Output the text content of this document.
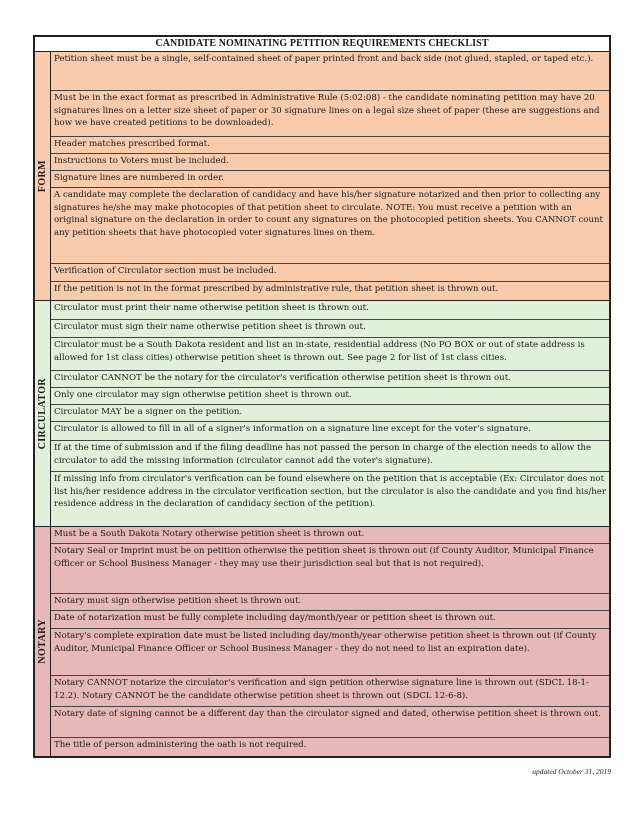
CANDIDATE NOMINATING PETITION REQUIREMENTS CHECKLIST
FORM
Petition sheet must be a single, self-contained sheet of paper printed front and back side (not glued, stapled, or taped etc.).
Must be in the exact format as prescribed in Administrative Rule (5:02:08) - the candidate nominating petition may have 20 signatures lines on a letter size sheet of paper or 30 signature lines on a legal size sheet of paper (these are suggestions and how we have created petitions to be downloaded).
Header matches prescribed format.
Instructions to Voters must be included.
Signature lines are numbered in order.
A candidate may complete the declaration of candidacy and have his/her signature notarized and then prior to collecting any signatures he/she may make photocopies of that petition sheet to circulate. NOTE: You must receive a petition with an original signature on the declaration in order to count any signatures on the photocopied petition sheets. You CANNOT count any petition sheets that have photocopied voter signatures lines on them.
Verification of Circulator section must be included.
If the petition is not in the format prescribed by administrative rule, that petition sheet is thrown out.
CIRCULATOR
Circulator must print their name otherwise petition sheet is thrown out.
Circulator must sign their name otherwise petition sheet is thrown out.
Circulator must be a South Dakota resident and list an in-state, residential address (No PO BOX or out of state address is allowed for 1st class cities) otherwise petition sheet is thrown out. See page 2 for list of 1st class cities.
Circulator CANNOT be the notary for the circulator's verification otherwise petition sheet is thrown out.
Only one circulator may sign otherwise petition sheet is thrown out.
Circulator MAY be a signer on the petition.
Circulator is allowed to fill in all of a signer's information on a signature line except for the voter's signature.
If at the time of submission and if the filing deadline has not passed the person in charge of the election needs to allow the circulator to add the missing information (circulator cannot add the voter's signature).
If missing info from circulator's verification can be found elsewhere on the petition that is acceptable (Ex: Circulator does not list his/her residence address in the circulator verification section, but the circulator is also the candidate and you find his/her residence address in the declaration of candidacy section of the petition).
NOTARY
Must be a South Dakota Notary otherwise petition sheet is thrown out.
Notary Seal or Imprint must be on petition otherwise the petition sheet is thrown out (if County Auditor, Municipal Finance Officer or School Business Manager - they may use their jurisdiction seal but that is not required).
Notary must sign otherwise petition sheet is thrown out.
Date of notarization must be fully complete including day/month/year or petition sheet is thrown out.
Notary's complete expiration date must be listed including day/month/year otherwise petition sheet is thrown out (if County Auditor, Municipal Finance Officer or School Business Manager - they do not need to list an expiration date).
Notary CANNOT notarize the circulator's verification and sign petition otherwise signature line is thrown out (SDCL 18-1-12.2). Notary CANNOT be the candidate otherwise petition sheet is thrown out (SDCL 12-6-8).
Notary date of signing cannot be a different day than the circulator signed and dated, otherwise petition sheet is thrown out.
The title of person administering the oath is not required.
updated October 31, 2019
